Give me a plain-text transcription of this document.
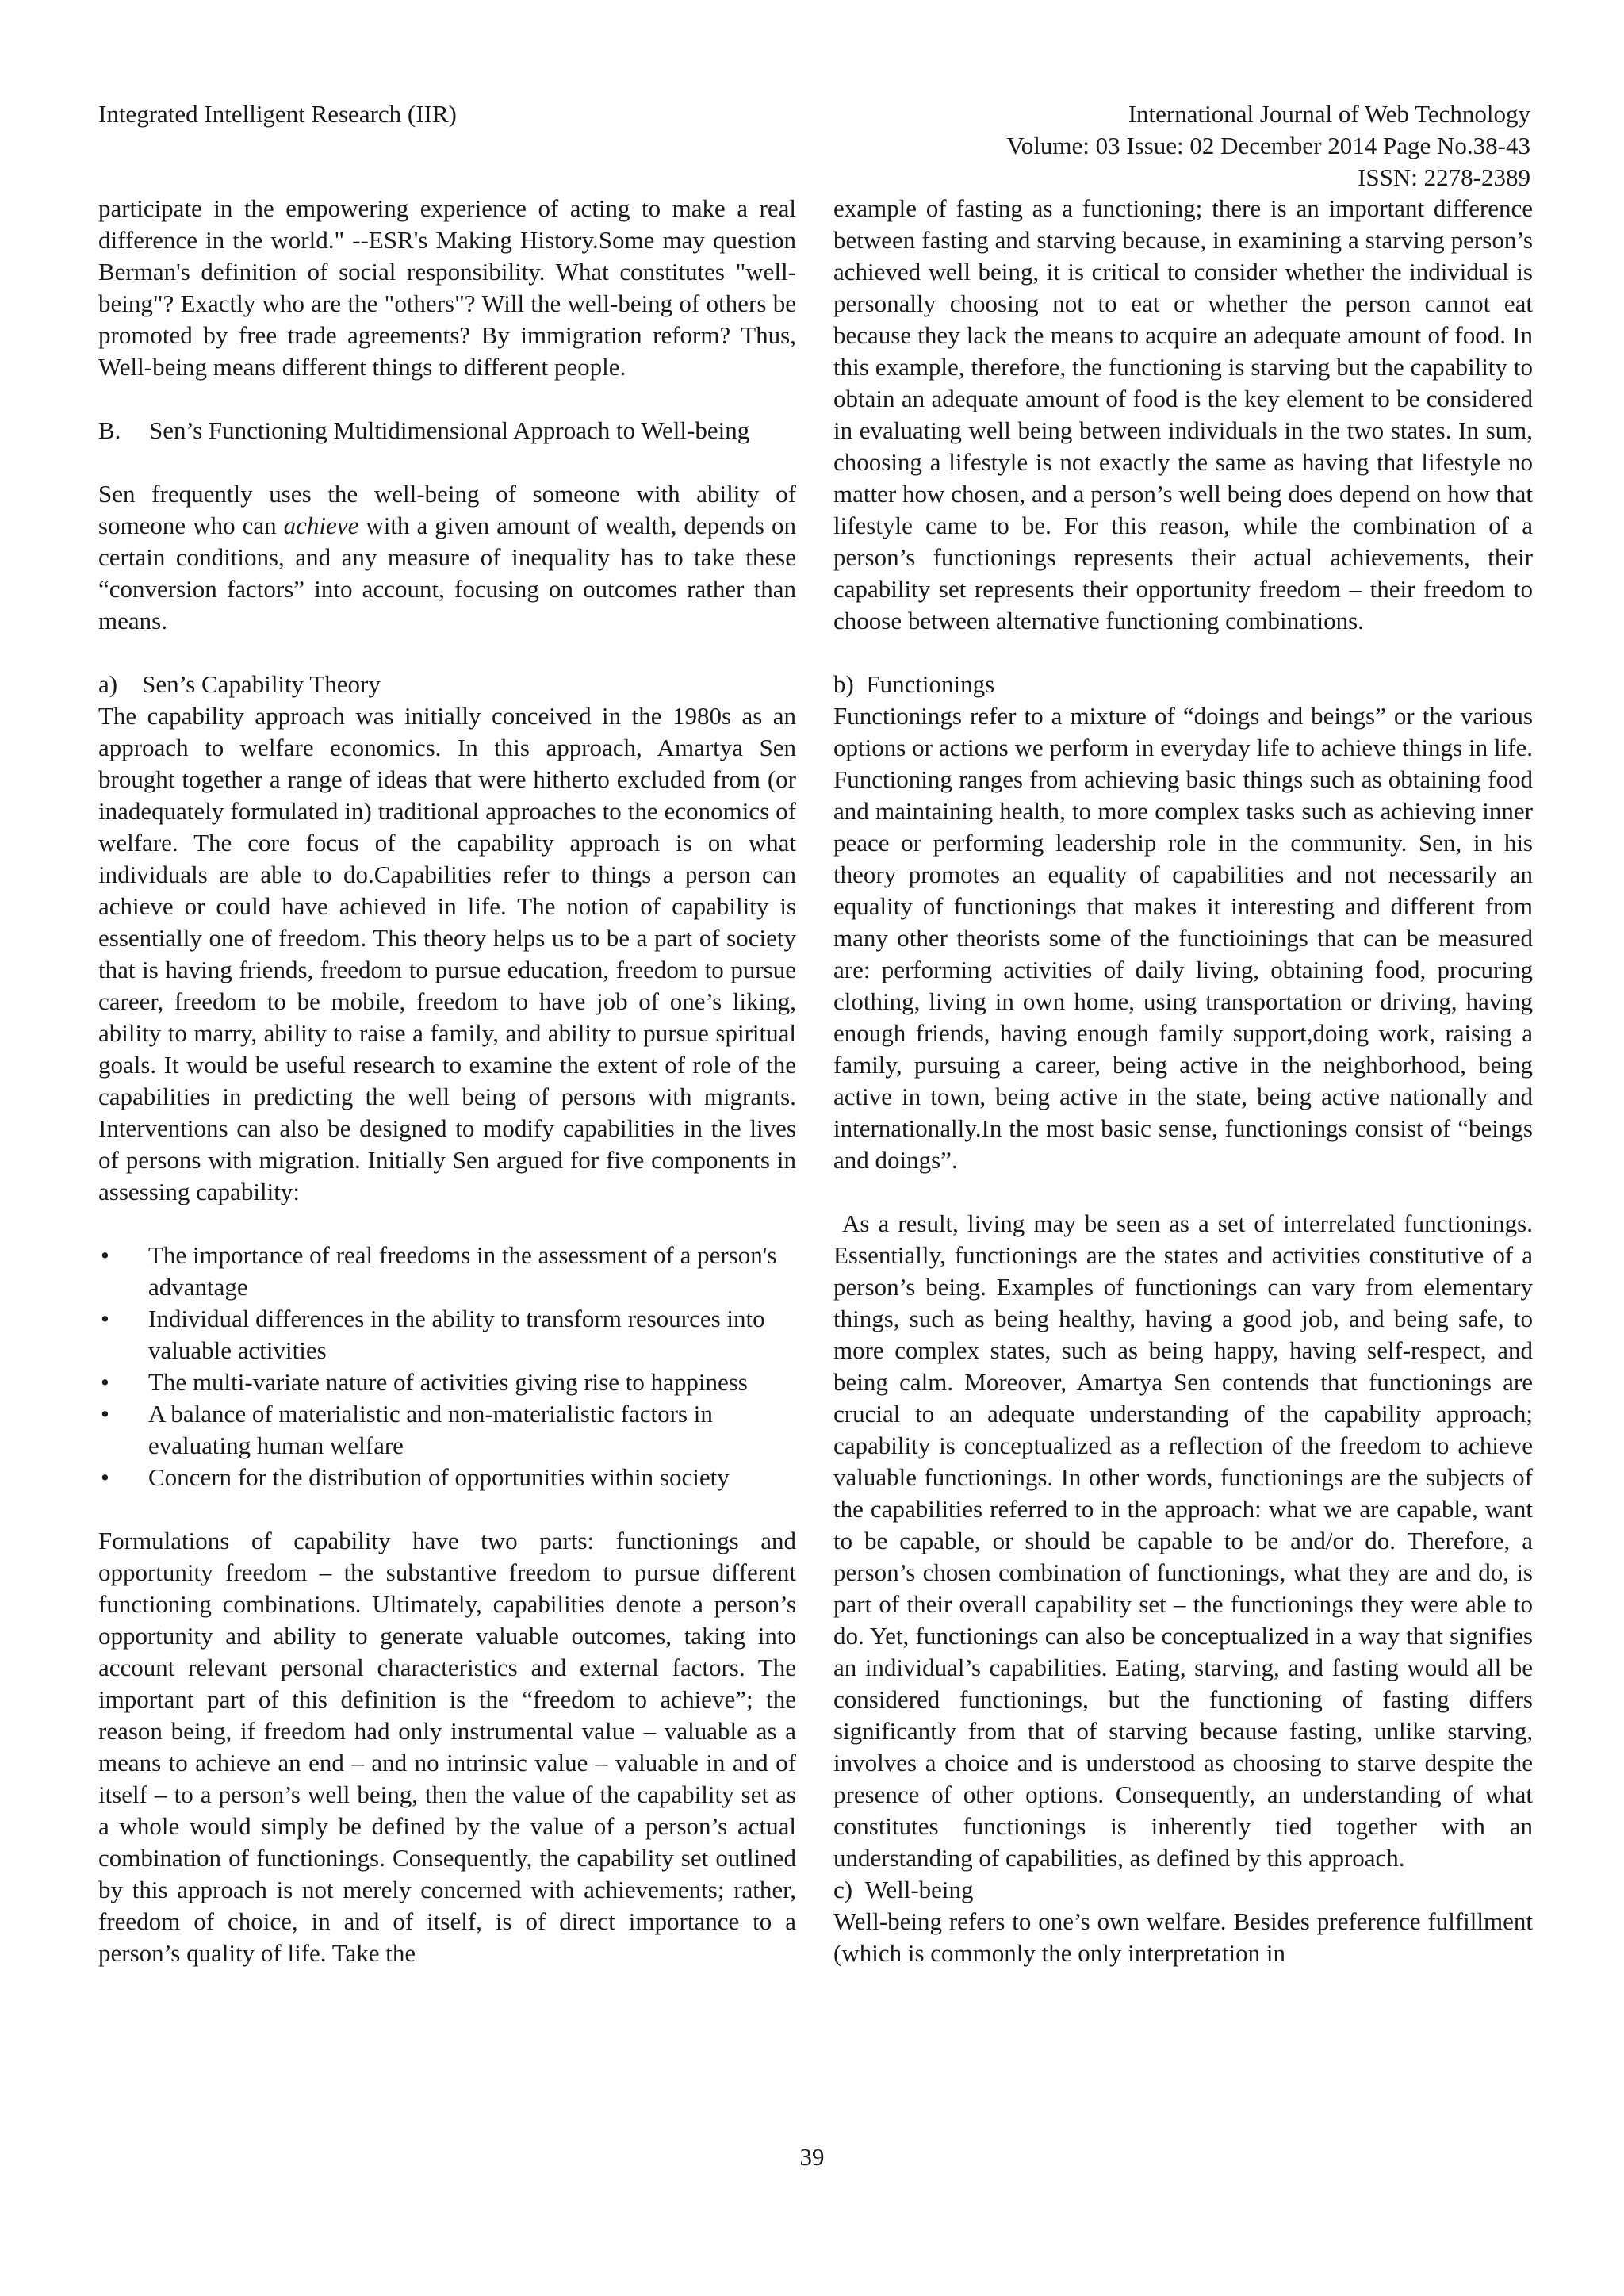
Integrated Intelligent Research (IIR)	International Journal of Web Technology
Volume: 03 Issue: 02 December 2014 Page No.38-43
ISSN: 2278-2389

participate in the empowering experience of acting to make a real difference in the world." --ESR's Making History.Some may question Berman's definition of social responsibility. What constitutes "well-being"? Exactly who are the "others"? Will the well-being of others be promoted by free trade agreements? By immigration reform? Thus, Well-being means different things to different people.

B.	Sen’s Functioning Multidimensional Approach to Well-being

Sen frequently uses the well-being of someone with ability of someone who can achieve with a given amount of wealth, depends on certain conditions, and any measure of inequality has to take these “conversion factors” into account, focusing on outcomes rather than means.

a)    Sen’s Capability Theory

The capability approach was initially conceived in the 1980s as an approach to welfare economics. In this approach, Amartya Sen brought together a range of ideas that were hitherto excluded from (or inadequately formulated in) traditional approaches to the economics of welfare. The core focus of the capability approach is on what individuals are able to do.Capabilities refer to things a person can achieve or could have achieved in life. The notion of capability is essentially one of freedom. This theory helps us to be a part of society that is having friends, freedom to pursue education, freedom to pursue career, freedom to be mobile, freedom to have job of one’s liking, ability to marry, ability to raise a family, and ability to pursue spiritual goals. It would be useful research to examine the extent of role of the capabilities in predicting the well being of persons with migrants. Interventions can also be designed to modify capabilities in the lives of persons with migration. Initially Sen argued for five components in assessing capability:

• The importance of real freedoms in the assessment of a person's advantage
• Individual differences in the ability to transform resources into valuable activities
• The multi-variate nature of activities giving rise to happiness
• A balance of materialistic and non-materialistic factors in evaluating human welfare
• Concern for the distribution of opportunities within society

Formulations of capability have two parts: functionings and opportunity freedom – the substantive freedom to pursue different functioning combinations. Ultimately, capabilities denote a person’s opportunity and ability to generate valuable outcomes, taking into account relevant personal characteristics and external factors. The important part of this definition is the “freedom to achieve”; the reason being, if freedom had only instrumental value – valuable as a means to achieve an end – and no intrinsic value – valuable in and of itself – to a person’s well being, then the value of the capability set as a whole would simply be defined by the value of a person’s actual combination of functionings. Consequently, the capability set outlined by this approach is not merely concerned with achievements; rather, freedom of choice, in and of itself, is of direct importance to a person’s quality of life. Take the

example of fasting as a functioning; there is an important difference between fasting and starving because, in examining a starving person’s achieved well being, it is critical to consider whether the individual is personally choosing not to eat or whether the person cannot eat because they lack the means to acquire an adequate amount of food. In this example, therefore, the functioning is starving but the capability to obtain an adequate amount of food is the key element to be considered in evaluating well being between individuals in the two states. In sum, choosing a lifestyle is not exactly the same as having that lifestyle no matter how chosen, and a person’s well being does depend on how that lifestyle came to be. For this reason, while the combination of a person’s functionings represents their actual achievements, their capability set represents their opportunity freedom – their freedom to choose between alternative functioning combinations.

b)  Functionings

Functionings refer to a mixture of “doings and beings” or the various options or actions we perform in everyday life to achieve things in life. Functioning ranges from achieving basic things such as obtaining food and maintaining health, to more complex tasks such as achieving inner peace or performing leadership role in the community. Sen, in his theory promotes an equality of capabilities and not necessarily an equality of functionings that makes it interesting and different from many other theorists some of the functioinings that can be measured are: performing activities of daily living, obtaining food, procuring clothing, living in own home, using transportation or driving, having enough friends, having enough family support,doing work, raising a family, pursuing a career, being active in the neighborhood, being active in town, being active in the state, being active nationally and internationally.In the most basic sense, functionings consist of “beings and doings”.

As a result, living may be seen as a set of interrelated functionings. Essentially, functionings are the states and activities constitutive of a person’s being. Examples of functionings can vary from elementary things, such as being healthy, having a good job, and being safe, to more complex states, such as being happy, having self-respect, and being calm. Moreover, Amartya Sen contends that functionings are crucial to an adequate understanding of the capability approach; capability is conceptualized as a reflection of the freedom to achieve valuable functionings. In other words, functionings are the subjects of the capabilities referred to in the approach: what we are capable, want to be capable, or should be capable to be and/or do. Therefore, a person’s chosen combination of functionings, what they are and do, is part of their overall capability set – the functionings they were able to do. Yet, functionings can also be conceptualized in a way that signifies an individual’s capabilities. Eating, starving, and fasting would all be considered functionings, but the functioning of fasting differs significantly from that of starving because fasting, unlike starving, involves a choice and is understood as choosing to starve despite the presence of other options. Consequently, an understanding of what constitutes functionings is inherently tied together with an understanding of capabilities, as defined by this approach.

c)  Well-being

Well-being refers to one’s own welfare. Besides preference fulfillment (which is commonly the only interpretation in

39
